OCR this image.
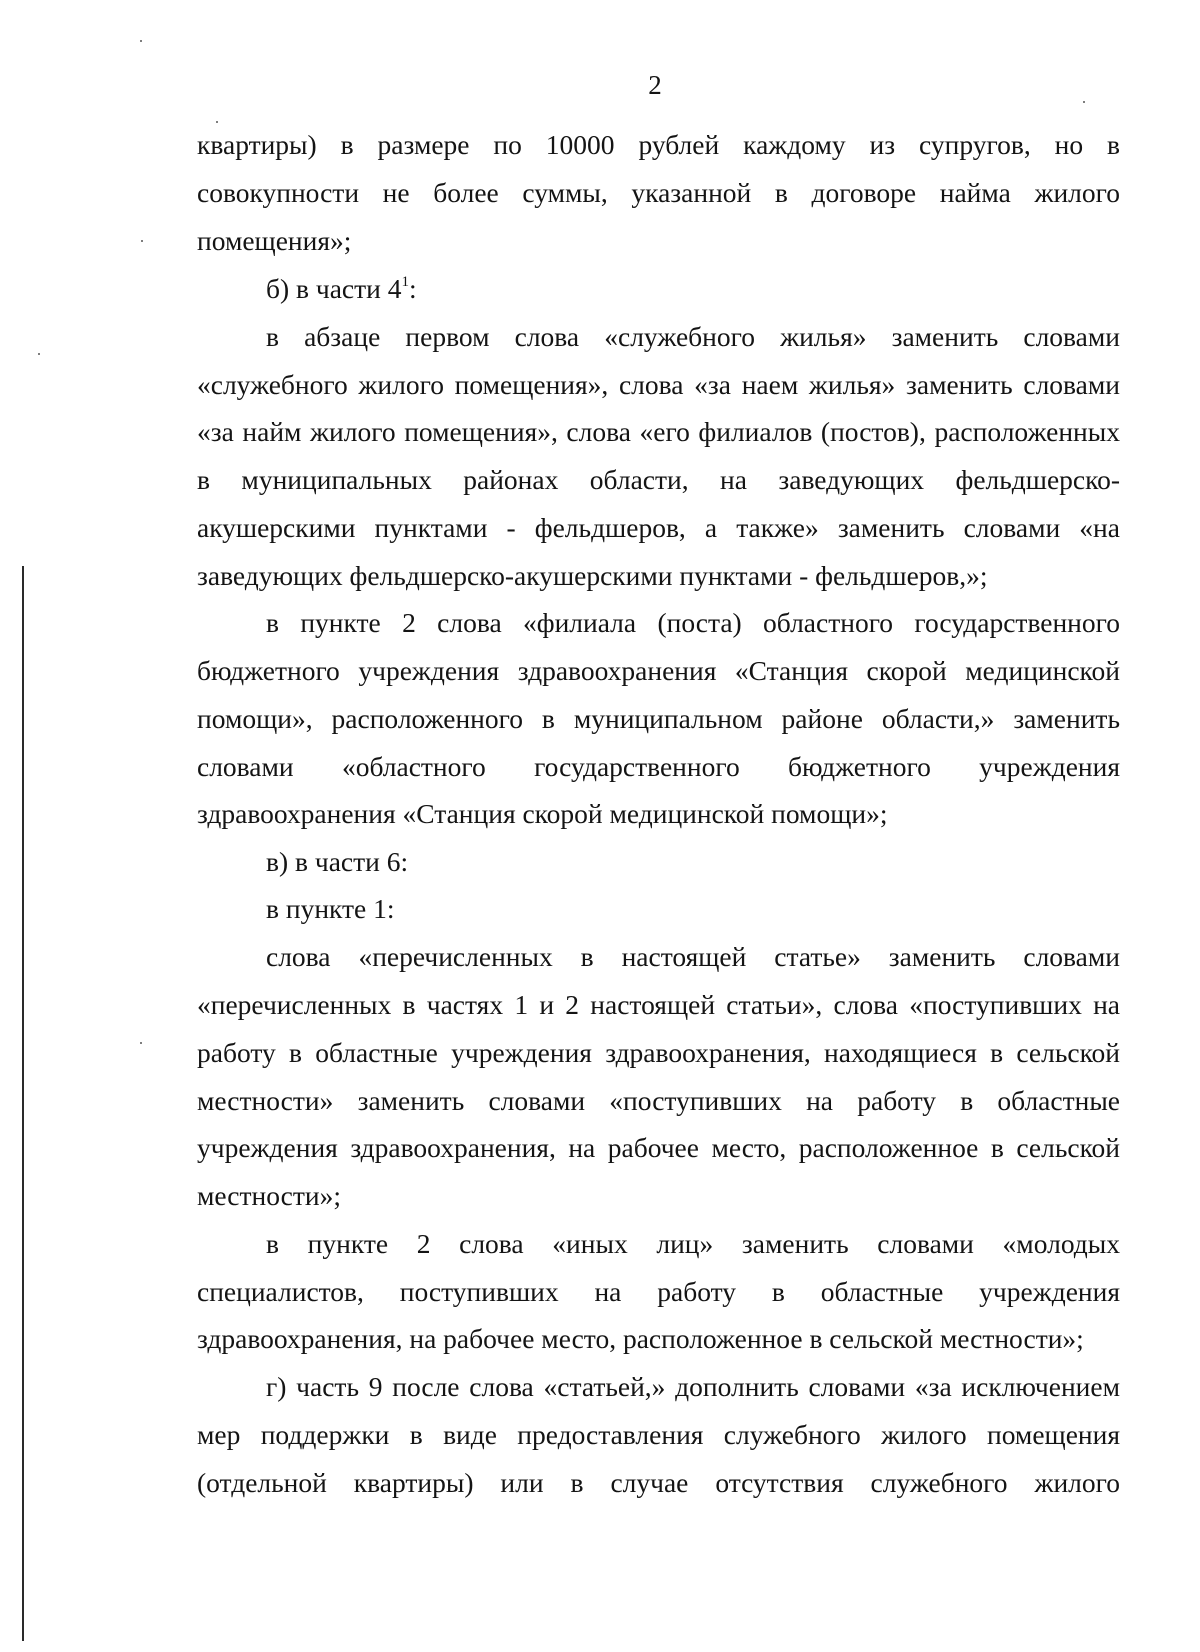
2
квартиры) в размере по 10000 рублей каждому из супругов, но в
совокупности не более суммы, указанной в договоре найма жилого
помещения»;
б) в части $4^1$:
в абзаце первом слова «служебного жилья» заменить словами
«служебного жилого помещения», слова «за наем жилья» заменить словами
«за найм жилого помещения», слова «его филиалов (постов), расположенных
в муниципальных районах области, на заведующих фельдшерско-
акушерскими пунктами - фельдшеров, а также» заменить словами «на
заведующих фельдшерско-акушерскими пунктами - фельдшеров,»;
в пункте 2 слова «филиала (поста) областного государственного
бюджетного учреждения здравоохранения «Станция скорой медицинской
помощи», расположенного в муниципальном районе области,» заменить
словами «областного государственного бюджетного учреждения
здравоохранения «Станция скорой медицинской помощи»;
в) в части 6:
в пункте 1:
слова «перечисленных в настоящей статье» заменить словами
«перечисленных в частях 1 и 2 настоящей статьи», слова «поступивших на
работу в областные учреждения здравоохранения, находящиеся в сельской
местности» заменить словами «поступивших на работу в областные
учреждения здравоохранения, на рабочее место, расположенное в сельской
местности»;
в пункте 2 слова «иных лиц» заменить словами «молодых
специалистов, поступивших на работу в областные учреждения
здравоохранения, на рабочее место, расположенное в сельской местности»;
г) часть 9 после слова «статьей,» дополнить словами «за исключением
мер поддержки в виде предоставления служебного жилого помещения
(отдельной квартиры) или в случае отсутствия служебного жилого
